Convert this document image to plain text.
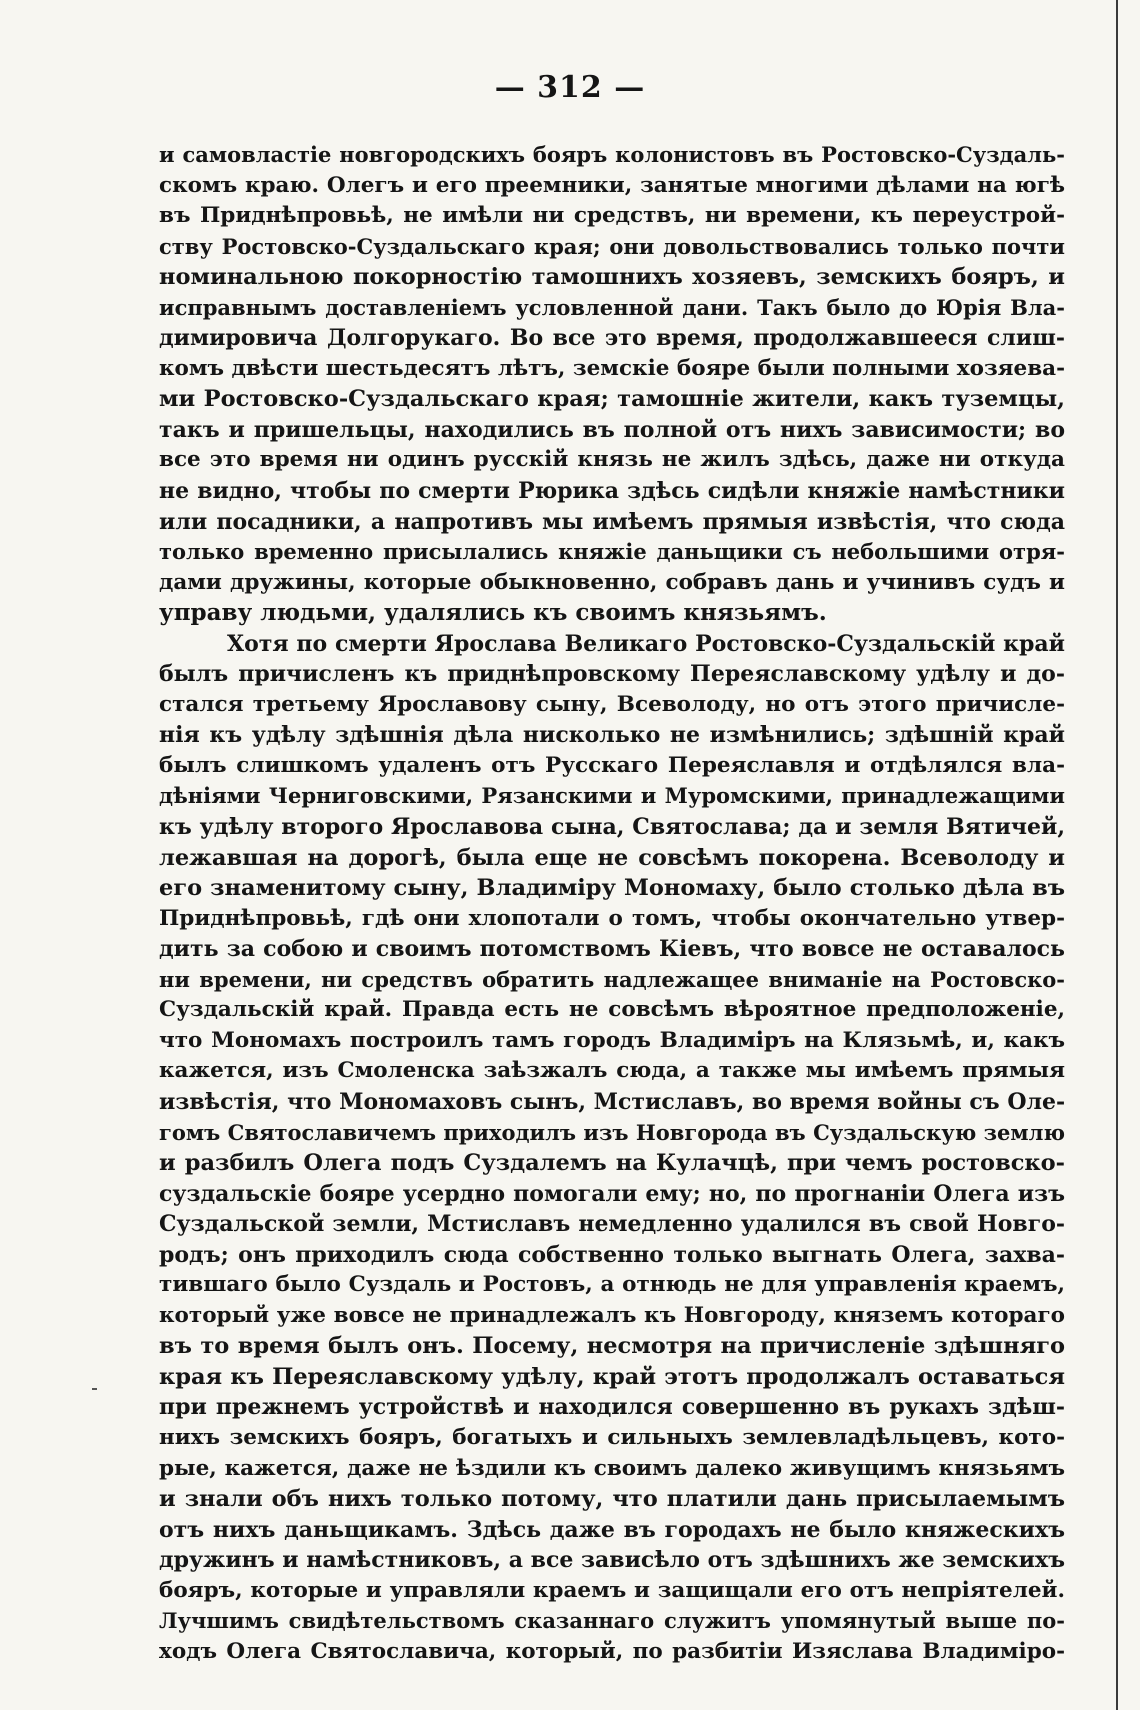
— 312 —
и самовластіе новгородскихъ бояръ колонистовъ въ Ростовско-Суздаль-
скомъ краю. Олегъ и его преемники, занятые многими дѣлами на югѣ
въ Приднѣпровьѣ, не имѣли ни средствъ, ни времени, къ переустрой-
ству Ростовско-Суздальскаго края; они довольствовались только почти
номинальною покорностію тамошнихъ хозяевъ, земскихъ бояръ, и
исправнымъ доставленіемъ условленной дани. Такъ было до Юрія Вла-
димировича Долгорукаго. Во все это время, продолжавшееся слиш-
комъ двѣсти шестьдесятъ лѣтъ, земскіе бояре были полными хозяева-
ми Ростовско-Суздальскаго края; тамошніе жители, какъ туземцы,
такъ и пришельцы, находились въ полной отъ нихъ зависимости; во
все это время ни одинъ русскій князь не жилъ здѣсь, даже ни откуда
не видно, чтобы по смерти Рюрика здѣсь сидѣли княжіе намѣстники
или посадники, а напротивъ мы имѣемъ прямыя извѣстія, что сюда
только временно присылались княжіе даньщики съ небольшими отря-
дами дружины, которые обыкновенно, собравъ дань и учинивъ судъ и
управу людьми, удалялись къ своимъ князьямъ.
Хотя по смерти Ярослава Великаго Ростовско-Суздальскій край
былъ причисленъ къ приднѣпровскому Переяславскому удѣлу и до-
стался третьему Ярославову сыну, Всеволоду, но отъ этого причисле-
нія къ удѣлу здѣшнія дѣла нисколько не измѣнились; здѣшній край
былъ слишкомъ удаленъ отъ Русскаго Переяславля и отдѣлялся вла-
дѣніями Черниговскими, Рязанскими и Муромскими, принадлежащими
къ удѣлу второго Ярославова сына, Святослава; да и земля Вятичей,
лежавшая на дорогѣ, была еще не совсѣмъ покорена. Всеволоду и
его знаменитому сыну, Владиміру Мономаху, было столько дѣла въ
Приднѣпровьѣ, гдѣ они хлопотали о томъ, чтобы окончательно утвер-
дить за собою и своимъ потомствомъ Кіевъ, что вовсе не оставалось
ни времени, ни средствъ обратить надлежащее вниманіе на Ростовско-
Суздальскій край. Правда есть не совсѣмъ вѣроятное предположеніе,
что Мономахъ построилъ тамъ городъ Владиміръ на Клязьмѣ, и, какъ
кажется, изъ Смоленска заѣзжалъ сюда, а также мы имѣемъ прямыя
извѣстія, что Мономаховъ сынъ, Мстиславъ, во время войны съ Оле-
гомъ Святославичемъ приходилъ изъ Новгорода въ Суздальскую землю
и разбилъ Олега подъ Суздалемъ на Кулачцѣ, при чемъ ростовско-
суздальскіе бояре усердно помогали ему; но, по прогнаніи Олега изъ
Суздальской земли, Мстиславъ немедленно удалился въ свой Новго-
родъ; онъ приходилъ сюда собственно только выгнать Олега, захва-
тившаго было Суздаль и Ростовъ, а отнюдь не для управленія краемъ,
который уже вовсе не принадлежалъ къ Новгороду, княземъ котораго
въ то время былъ онъ. Посему, несмотря на причисленіе здѣшняго
края къ Переяславскому удѣлу, край этотъ продолжалъ оставаться
при прежнемъ устройствѣ и находился совершенно въ рукахъ здѣш-
нихъ земскихъ бояръ, богатыхъ и сильныхъ землевладѣльцевъ, кото-
рые, кажется, даже не ѣздили къ своимъ далеко живущимъ князьямъ
и знали объ нихъ только потому, что платили дань присылаемымъ
отъ нихъ даньщикамъ. Здѣсь даже въ городахъ не было княжескихъ
дружинъ и намѣстниковъ, а все зависѣло отъ здѣшнихъ же земскихъ
бояръ, которые и управляли краемъ и защищали его отъ непріятелей.
Лучшимъ свидѣтельствомъ сказаннаго служитъ упомянутый выше по-
ходъ Олега Святославича, который, по разбитіи Изяслава Владиміро-
